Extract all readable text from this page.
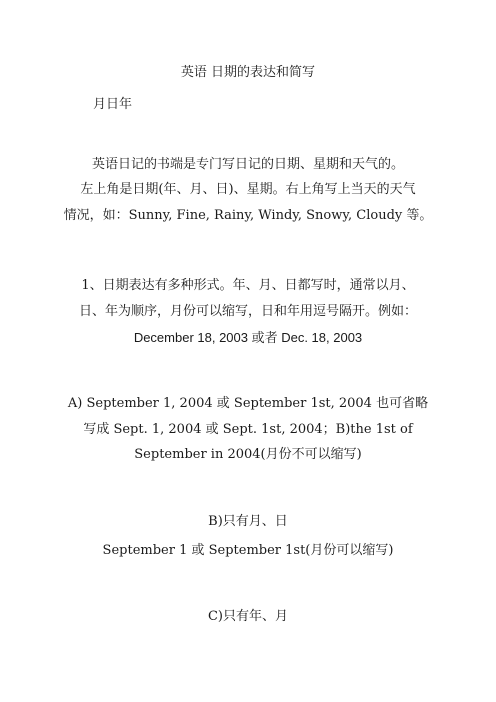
英语 日期的表达和简写
月日年
英语日记的书端是专门写日记的日期、星期和天气的。
左上角是日期(年、月、日)、星期。右上角写上当天的天气
情况，如：Sunny, Fine, Rainy, Windy, Snowy, Cloudy 等。
1、日期表达有多种形式。年、月、日都写时，通常以月、
日、年为顺序，月份可以缩写，日和年用逗号隔开。例如：
December 18, 2003 或者 Dec. 18, 2003
A) September 1, 2004 或 September 1st, 2004 也可省略
写成 Sept. 1, 2004 或 Sept. 1st, 2004；B)the 1st of
September in 2004(月份不可以缩写)
B)只有月、日
September 1 或 September 1st(月份可以缩写)
C)只有年、月
